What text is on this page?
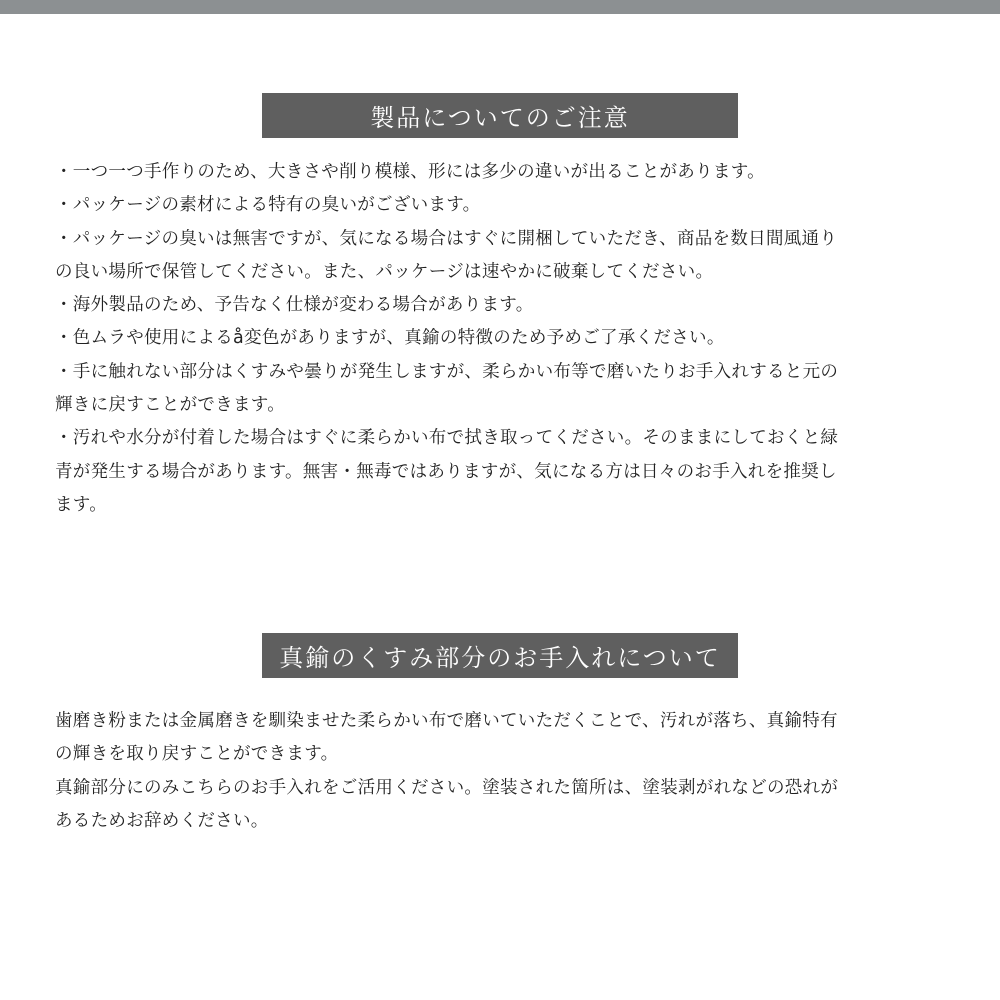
製品についてのご注意
・一つ一つ手作りのため、大きさや削り模様、形には多少の違いが出ることがあります。
・パッケージの素材による特有の臭いがございます。
・パッケージの臭いは無害ですが、気になる場合はすぐに開梱していただき、商品を数日間風通り
の良い場所で保管してください。また、パッケージは速やかに破棄してください。
・海外製品のため、予告なく仕様が変わる場合があります。
・色ムラや使用によるå変色がありますが、真鍮の特徴のため予めご了承ください。
・手に触れない部分はくすみや曇りが発生しますが、柔らかい布等で磨いたりお手入れすると元の
輝きに戻すことができます。
・汚れや水分が付着した場合はすぐに柔らかい布で拭き取ってください。そのままにしておくと緑
青が発生する場合があります。無害・無毒ではありますが、気になる方は日々のお手入れを推奨し
ます。
真鍮のくすみ部分のお手入れについて
歯磨き粉または金属磨きを馴染ませた柔らかい布で磨いていただくことで、汚れが落ち、真鍮特有
の輝きを取り戻すことができます。
真鍮部分にのみこちらのお手入れをご活用ください。塗装された箇所は、塗装剥がれなどの恐れが
あるためお辞めください。
